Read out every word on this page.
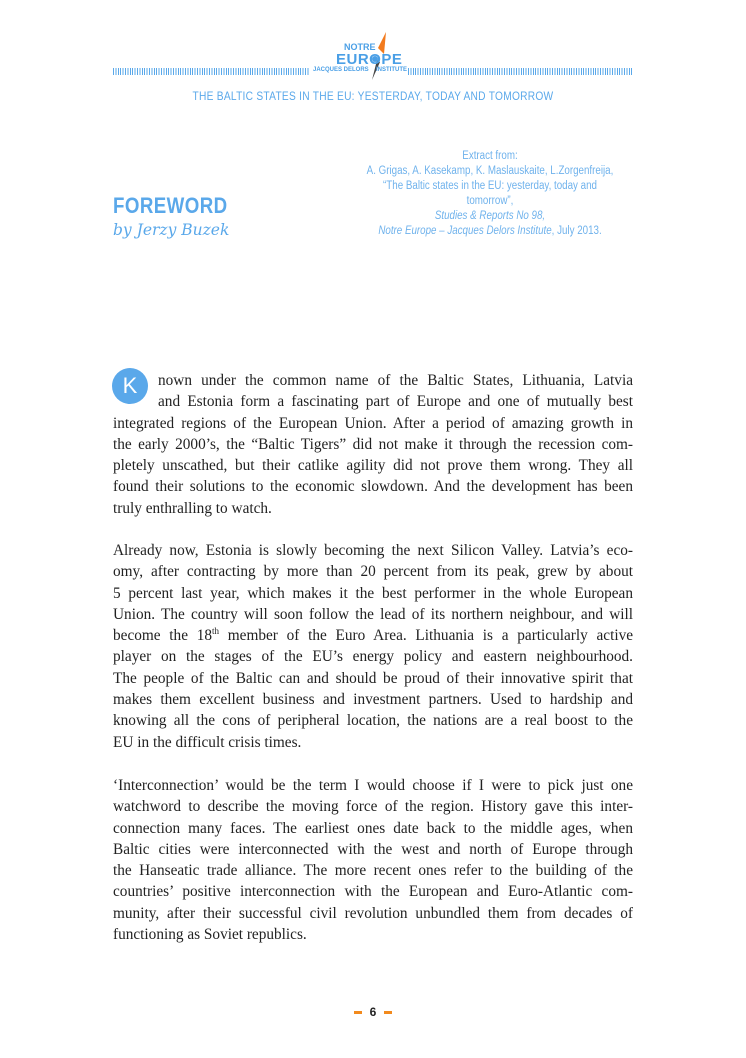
NOTRE
EUROPE
JACQUES DELORS INSTITUTE
THE BALTIC STATES IN THE EU: YESTERDAY, TODAY AND TOMORROW
FOREWORD
by Jerzy Buzek
Extract from:
A. Grigas, A. Kasekamp, K. Maslauskaite, L.Zorgenfreija,
“The Baltic states in the EU: yesterday, today and tomorrow”,
Studies & Reports No 98,
Notre Europe – Jacques Delors Institute, July 2013.
K	nown under the common name of the Baltic States, Lithuania, Latvia
and Estonia form a fascinating part of Europe and one of mutually best
integrated regions of the European Union. After a period of amazing growth in
the early 2000’s, the “Baltic Tigers” did not make it through the recession com-
pletely unscathed, but their catlike agility did not prove them wrong. They all
found their solutions to the economic slowdown. And the development has been
truly enthralling to watch.
Already now, Estonia is slowly becoming the next Silicon Valley. Latvia’s eco-
omy, after contracting by more than 20 percent from its peak, grew by about
5 percent last year, which makes it the best performer in the whole European
Union. The country will soon follow the lead of its northern neighbour, and will
become the 18th member of the Euro Area. Lithuania is a particularly active
player on the stages of the EU’s energy policy and eastern neighbourhood.
The people of the Baltic can and should be proud of their innovative spirit that
makes them excellent business and investment partners. Used to hardship and
knowing all the cons of peripheral location, the nations are a real boost to the
EU in the difficult crisis times.
‘Interconnection’ would be the term I would choose if I were to pick just one
watchword to describe the moving force of the region. History gave this inter-
connection many faces. The earliest ones date back to the middle ages, when
Baltic cities were interconnected with the west and north of Europe through
the Hanseatic trade alliance. The more recent ones refer to the building of the
countries’ positive interconnection with the European and Euro-Atlantic com-
munity, after their successful civil revolution unbundled them from decades of
functioning as Soviet republics.
6
